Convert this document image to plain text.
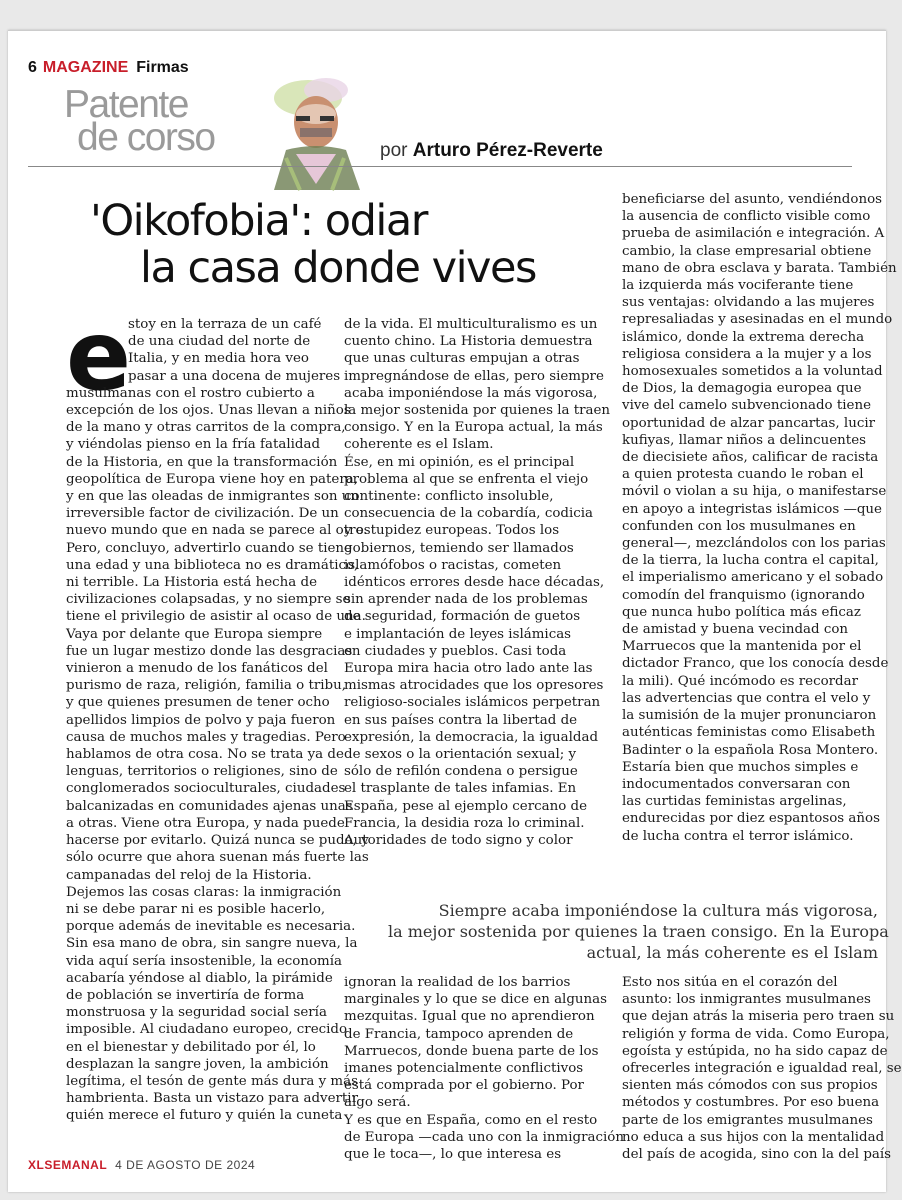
6 MAGAZINE Firmas
Patente
de corso	por Arturo Pérez-Reverte
'Oikofobia': odiar
la casa donde vives
e
stoy en la terraza de un café
de una ciudad del norte de
Italia, y en media hora veo
pasar a una docena de mujeres
musulmanas con el rostro cubierto a
excepción de los ojos. Unas llevan a niños
de la mano y otras carritos de la compra,
y viéndolas pienso en la fría fatalidad
de la Historia, en que la transformación
geopolítica de Europa viene hoy en patera,
y en que las oleadas de inmigrantes son un
irreversible factor de civilización. De un
nuevo mundo que en nada se parece al otro.
Pero, concluyo, advertirlo cuando se tiene
una edad y una biblioteca no es dramático,
ni terrible. La Historia está hecha de
civilizaciones colapsadas, y no siempre se
tiene el privilegio de asistir al ocaso de una.
Vaya por delante que Europa siempre
fue un lugar mestizo donde las desgracias
vinieron a menudo de los fanáticos del
purismo de raza, religión, familia o tribu,
y que quienes presumen de tener ocho
apellidos limpios de polvo y paja fueron
causa de muchos males y tragedias. Pero
hablamos de otra cosa. No se trata ya de
lenguas, territorios o religiones, sino de
conglomerados socioculturales, ciudades
balcanizadas en comunidades ajenas unas
a otras. Viene otra Europa, y nada puede
hacerse por evitarlo. Quizá nunca se pudo, y
sólo ocurre que ahora suenan más fuerte las
campanadas del reloj de la Historia.
Dejemos las cosas claras: la inmigración
ni se debe parar ni es posible hacerlo,
porque además de inevitable es necesaria.
Sin esa mano de obra, sin sangre nueva, la
vida aquí sería insostenible, la economía
acabaría yéndose al diablo, la pirámide
de población se invertiría de forma
monstruosa y la seguridad social sería
imposible. Al ciudadano europeo, crecido
en el bienestar y debilitado por él, lo
desplazan la sangre joven, la ambición
legítima, el tesón de gente más dura y más
hambrienta. Basta un vistazo para advertir
quién merece el futuro y quién la cuneta
de la vida. El multiculturalismo es un
cuento chino. La Historia demuestra
que unas culturas empujan a otras
impregnándose de ellas, pero siempre
acaba imponiéndose la más vigorosa,
la mejor sostenida por quienes la traen
consigo. Y en la Europa actual, la más
coherente es el Islam.
Ése, en mi opinión, es el principal
problema al que se enfrenta el viejo
continente: conflicto insoluble,
consecuencia de la cobardía, codicia
y estupidez europeas. Todos los
gobiernos, temiendo ser llamados
islamófobos o racistas, cometen
idénticos errores desde hace décadas,
sin aprender nada de los problemas
de seguridad, formación de guetos
e implantación de leyes islámicas
en ciudades y pueblos. Casi toda
Europa mira hacia otro lado ante las
mismas atrocidades que los opresores
religioso-sociales islámicos perpetran
en sus países contra la libertad de
expresión, la democracia, la igualdad
de sexos o la orientación sexual; y
sólo de refilón condena o persigue
el trasplante de tales infamias. En
España, pese al ejemplo cercano de
Francia, la desidia roza lo criminal.
Autoridades de todo signo y color
beneficiarse del asunto, vendiéndonos
la ausencia de conflicto visible como
prueba de asimilación e integración. A
cambio, la clase empresarial obtiene
mano de obra esclava y barata. También
la izquierda más vociferante tiene
sus ventajas: olvidando a las mujeres
represaliadas y asesinadas en el mundo
islámico, donde la extrema derecha
religiosa considera a la mujer y a los
homosexuales sometidos a la voluntad
de Dios, la demagogia europea que
vive del camelo subvencionado tiene
oportunidad de alzar pancartas, lucir
kufiyas, llamar niños a delincuentes
de diecisiete años, calificar de racista
a quien protesta cuando le roban el
móvil o violan a su hija, o manifestarse
en apoyo a integristas islámicos —que
confunden con los musulmanes en
general—, mezclándolos con los parias
de la tierra, la lucha contra el capital,
el imperialismo americano y el sobado
comodín del franquismo (ignorando
que nunca hubo política más eficaz
de amistad y buena vecindad con
Marruecos que la mantenida por el
dictador Franco, que los conocía desde
la mili). Qué incómodo es recordar
las advertencias que contra el velo y
la sumisión de la mujer pronunciaron
auténticas feministas como Elisabeth
Badinter o la española Rosa Montero.
Estaría bien que muchos simples e
indocumentados conversaran con
las curtidas feministas argelinas,
endurecidas por diez espantosos años
de lucha contra el terror islámico.
Siempre acaba imponiéndose la cultura más vigorosa,
la mejor sostenida por quienes la traen consigo. En la Europa
actual, la más coherente es el Islam
ignoran la realidad de los barrios
marginales y lo que se dice en algunas
mezquitas. Igual que no aprendieron
de Francia, tampoco aprenden de
Marruecos, donde buena parte de los
imanes potencialmente conflictivos
está comprada por el gobierno. Por
algo será.
Y es que en España, como en el resto
de Europa —cada uno con la inmigración
que le toca—, lo que interesa es
Esto nos sitúa en el corazón del
asunto: los inmigrantes musulmanes
que dejan atrás la miseria pero traen su
religión y forma de vida. Como Europa,
egoísta y estúpida, no ha sido capaz de
ofrecerles integración e igualdad real, se
sienten más cómodos con sus propios
métodos y costumbres. Por eso buena
parte de los emigrantes musulmanes
no educa a sus hijos con la mentalidad
del país de acogida, sino con la del país
XLSEMANAL 4 DE AGOSTO DE 2024
